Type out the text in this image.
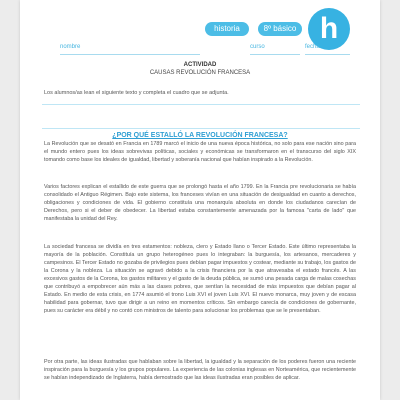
historia	8º básico h
nombre	curso	fecha
ACTIVIDAD
CAUSAS REVOLUCIÓN FRANCESA
Los alumnos/as lean el siguiente texto y completa el cuadro que se adjunta.
¿POR QUÉ ESTALLÓ LA REVOLUCIÓN FRANCESA?

La Revolución que se desató en Francia en 1789 marcó el inicio de una nueva época histórica, no solo para ese nación sino para el mundo entero pues los ideas sobrevivas políticas, sociales y económicas se transformaron en el transcurso del siglo XIX tomando como base los ideales de igualdad, libertad y soberanía nacional que habían inspirado a la Revolución.

Varios factores explican el estallido de este guerra que se prolongó hasta el año 1799. En la Francia pre revolucionaria se había consolidado el Antiguo Régimen. Bajo este sistema, los franceses vivían en una situación de desigualdad en cuanto a derechos, obligaciones y condiciones de vida. El gobierno constituía una monarquía absoluta en donde los ciudadanos carecían de Derechos, pero si el deber de obedecer. La libertad estaba constantemente amenazada por la famosa "carta de lado" que manifestaba la unidad del Rey.

La sociedad francesa se dividía en tres estamentos: nobleza, clero y Estado llano o Tercer Estado. Este último representaba la mayoría de la población. Constituía un grupo heterogéneo pues lo integraban: la burguesía, los artesanos, mercaderes y campesinos. El Tercer Estado no gozaba de privilegios pues debían pagar impuestos y costear, mediante su trabajo, los gastos de la Corona y la nobleza. La situación se agravó debido a la crisis financiera por la que atravesaba el estado francés. A las excesivos gastos de la Corona, los gastos militares y el gasto de la deuda pública, se sumó una pesada carga de malas cosechas que contribuyó a empobrecer aún más a las clases pobres, que sentían la necesidad de más impuestos que debían pagar al Estado. En medio de esta crisis, en 1774 asumió el trono Luis XVI el joven Luis XVI. El nuevo monarca, muy joven y de escasa habilidad para gobernar, tuvo que dirigir a un reino en momentos críticos. Sin embargo carecía de condiciones de gobernante, pues su carácter era débil y no contó con ministros de talento para solucionar los problemas que se le presentaban.

Por otra parte, las ideas ilustradas que hablaban sobre la libertad, la igualdad y la separación de los poderes fueron una reciente inspiración para la burguesía y los grupos populares. La experiencia de las colonias inglesas en Norteamérica, que recientemente se habían independizado de Inglaterra, había demostrado que las ideas ilustradas eran posibles de aplicar.
